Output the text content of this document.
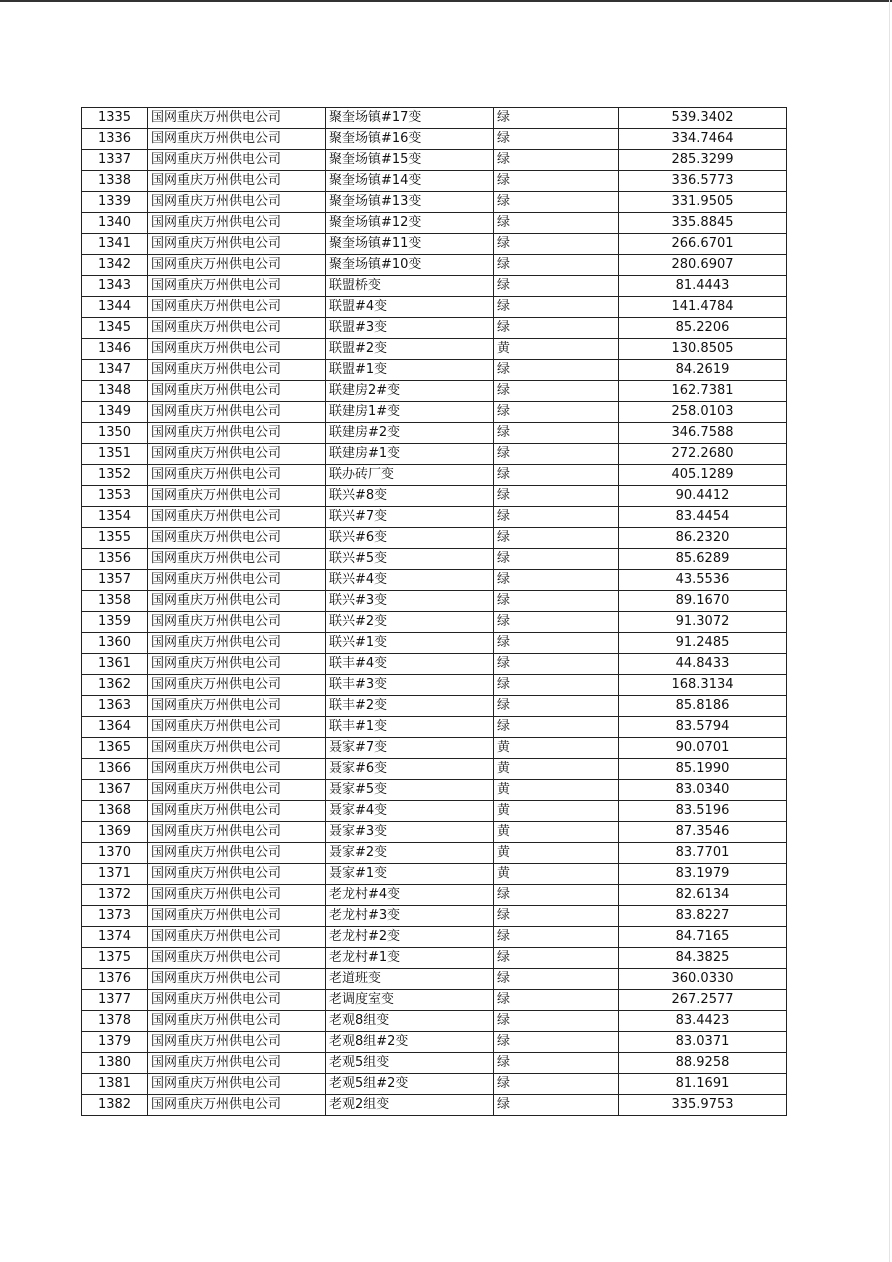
1335	国网重庆万州供电公司	聚奎场镇#17变	绿	539.3402
1336	国网重庆万州供电公司	聚奎场镇#16变	绿	334.7464
1337	国网重庆万州供电公司	聚奎场镇#15变	绿	285.3299
1338	国网重庆万州供电公司	聚奎场镇#14变	绿	336.5773
1339	国网重庆万州供电公司	聚奎场镇#13变	绿	331.9505
1340	国网重庆万州供电公司	聚奎场镇#12变	绿	335.8845
1341	国网重庆万州供电公司	聚奎场镇#11变	绿	266.6701
1342	国网重庆万州供电公司	聚奎场镇#10变	绿	280.6907
1343	国网重庆万州供电公司	联盟桥变	绿	81.4443
1344	国网重庆万州供电公司	联盟#4变	绿	141.4784
1345	国网重庆万州供电公司	联盟#3变	绿	85.2206
1346	国网重庆万州供电公司	联盟#2变	黄	130.8505
1347	国网重庆万州供电公司	联盟#1变	绿	84.2619
1348	国网重庆万州供电公司	联建房2#变	绿	162.7381
1349	国网重庆万州供电公司	联建房1#变	绿	258.0103
1350	国网重庆万州供电公司	联建房#2变	绿	346.7588
1351	国网重庆万州供电公司	联建房#1变	绿	272.2680
1352	国网重庆万州供电公司	联办砖厂变	绿	405.1289
1353	国网重庆万州供电公司	联兴#8变	绿	90.4412
1354	国网重庆万州供电公司	联兴#7变	绿	83.4454
1355	国网重庆万州供电公司	联兴#6变	绿	86.2320
1356	国网重庆万州供电公司	联兴#5变	绿	85.6289
1357	国网重庆万州供电公司	联兴#4变	绿	43.5536
1358	国网重庆万州供电公司	联兴#3变	绿	89.1670
1359	国网重庆万州供电公司	联兴#2变	绿	91.3072
1360	国网重庆万州供电公司	联兴#1变	绿	91.2485
1361	国网重庆万州供电公司	联丰#4变	绿	44.8433
1362	国网重庆万州供电公司	联丰#3变	绿	168.3134
1363	国网重庆万州供电公司	联丰#2变	绿	85.8186
1364	国网重庆万州供电公司	联丰#1变	绿	83.5794
1365	国网重庆万州供电公司	聂家#7变	黄	90.0701
1366	国网重庆万州供电公司	聂家#6变	黄	85.1990
1367	国网重庆万州供电公司	聂家#5变	黄	83.0340
1368	国网重庆万州供电公司	聂家#4变	黄	83.5196
1369	国网重庆万州供电公司	聂家#3变	黄	87.3546
1370	国网重庆万州供电公司	聂家#2变	黄	83.7701
1371	国网重庆万州供电公司	聂家#1变	黄	83.1979
1372	国网重庆万州供电公司	老龙村#4变	绿	82.6134
1373	国网重庆万州供电公司	老龙村#3变	绿	83.8227
1374	国网重庆万州供电公司	老龙村#2变	绿	84.7165
1375	国网重庆万州供电公司	老龙村#1变	绿	84.3825
1376	国网重庆万州供电公司	老道班变	绿	360.0330
1377	国网重庆万州供电公司	老调度室变	绿	267.2577
1378	国网重庆万州供电公司	老观8组变	绿	83.4423
1379	国网重庆万州供电公司	老观8组#2变	绿	83.0371
1380	国网重庆万州供电公司	老观5组变	绿	88.9258
1381	国网重庆万州供电公司	老观5组#2变	绿	81.1691
1382	国网重庆万州供电公司	老观2组变	绿	335.9753
